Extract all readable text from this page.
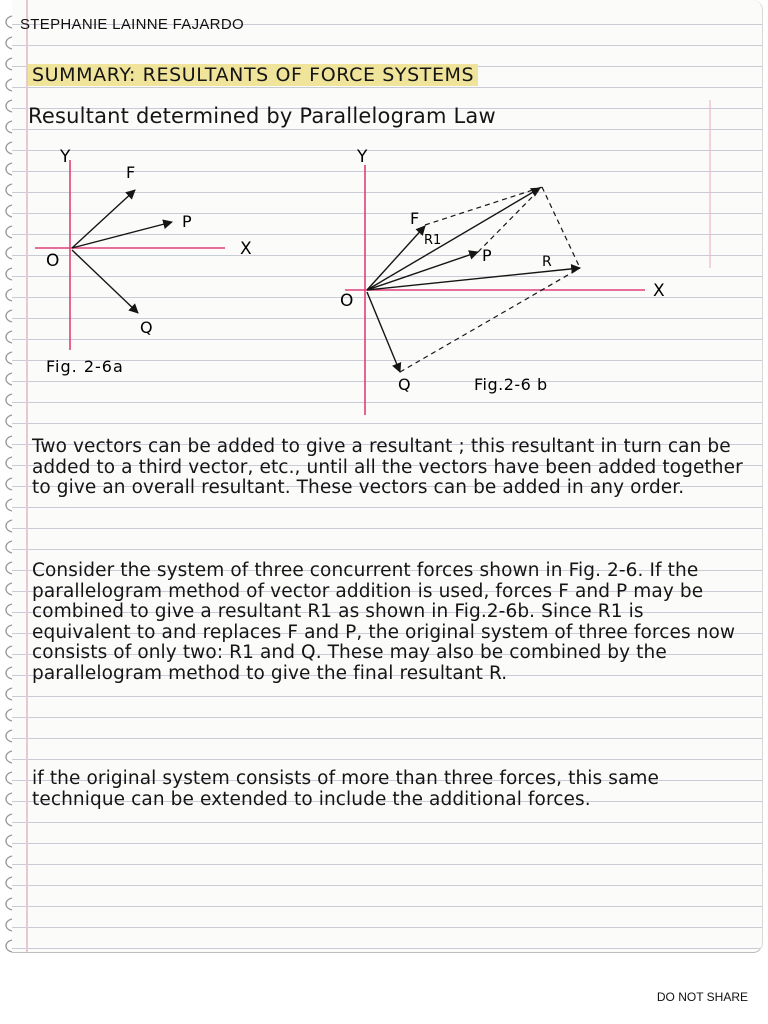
STEPHANIE LAINNE FAJARDO
SUMMARY: RESULTANTS OF FORCE SYSTEMS
Resultant determined by Parallelogram Law
Y
X
O
F
P
Q
Fig. 2-6a
Y
X
O
F
R1
P	R
Q	Fig.2-6 b

Two vectors can be added to give a resultant ; this resultant in turn can be added to a third vector, etc., until all the vectors have been added together to give an overall resultant. These vectors can be added in any order.

Consider the system of three concurrent forces shown in Fig. 2-6. If the parallelogram method of vector addition is used, forces F and P may be combined to give a resultant R1 as shown in Fig.2-6b. Since R1 is equivalent to and replaces F and P, the original system of three forces now consists of only two: R1 and Q. These may also be combined by the parallelogram method to give the final resultant R.

if the original system consists of more than three forces, this same technique can be extended to include the additional forces.

DO NOT SHARE
